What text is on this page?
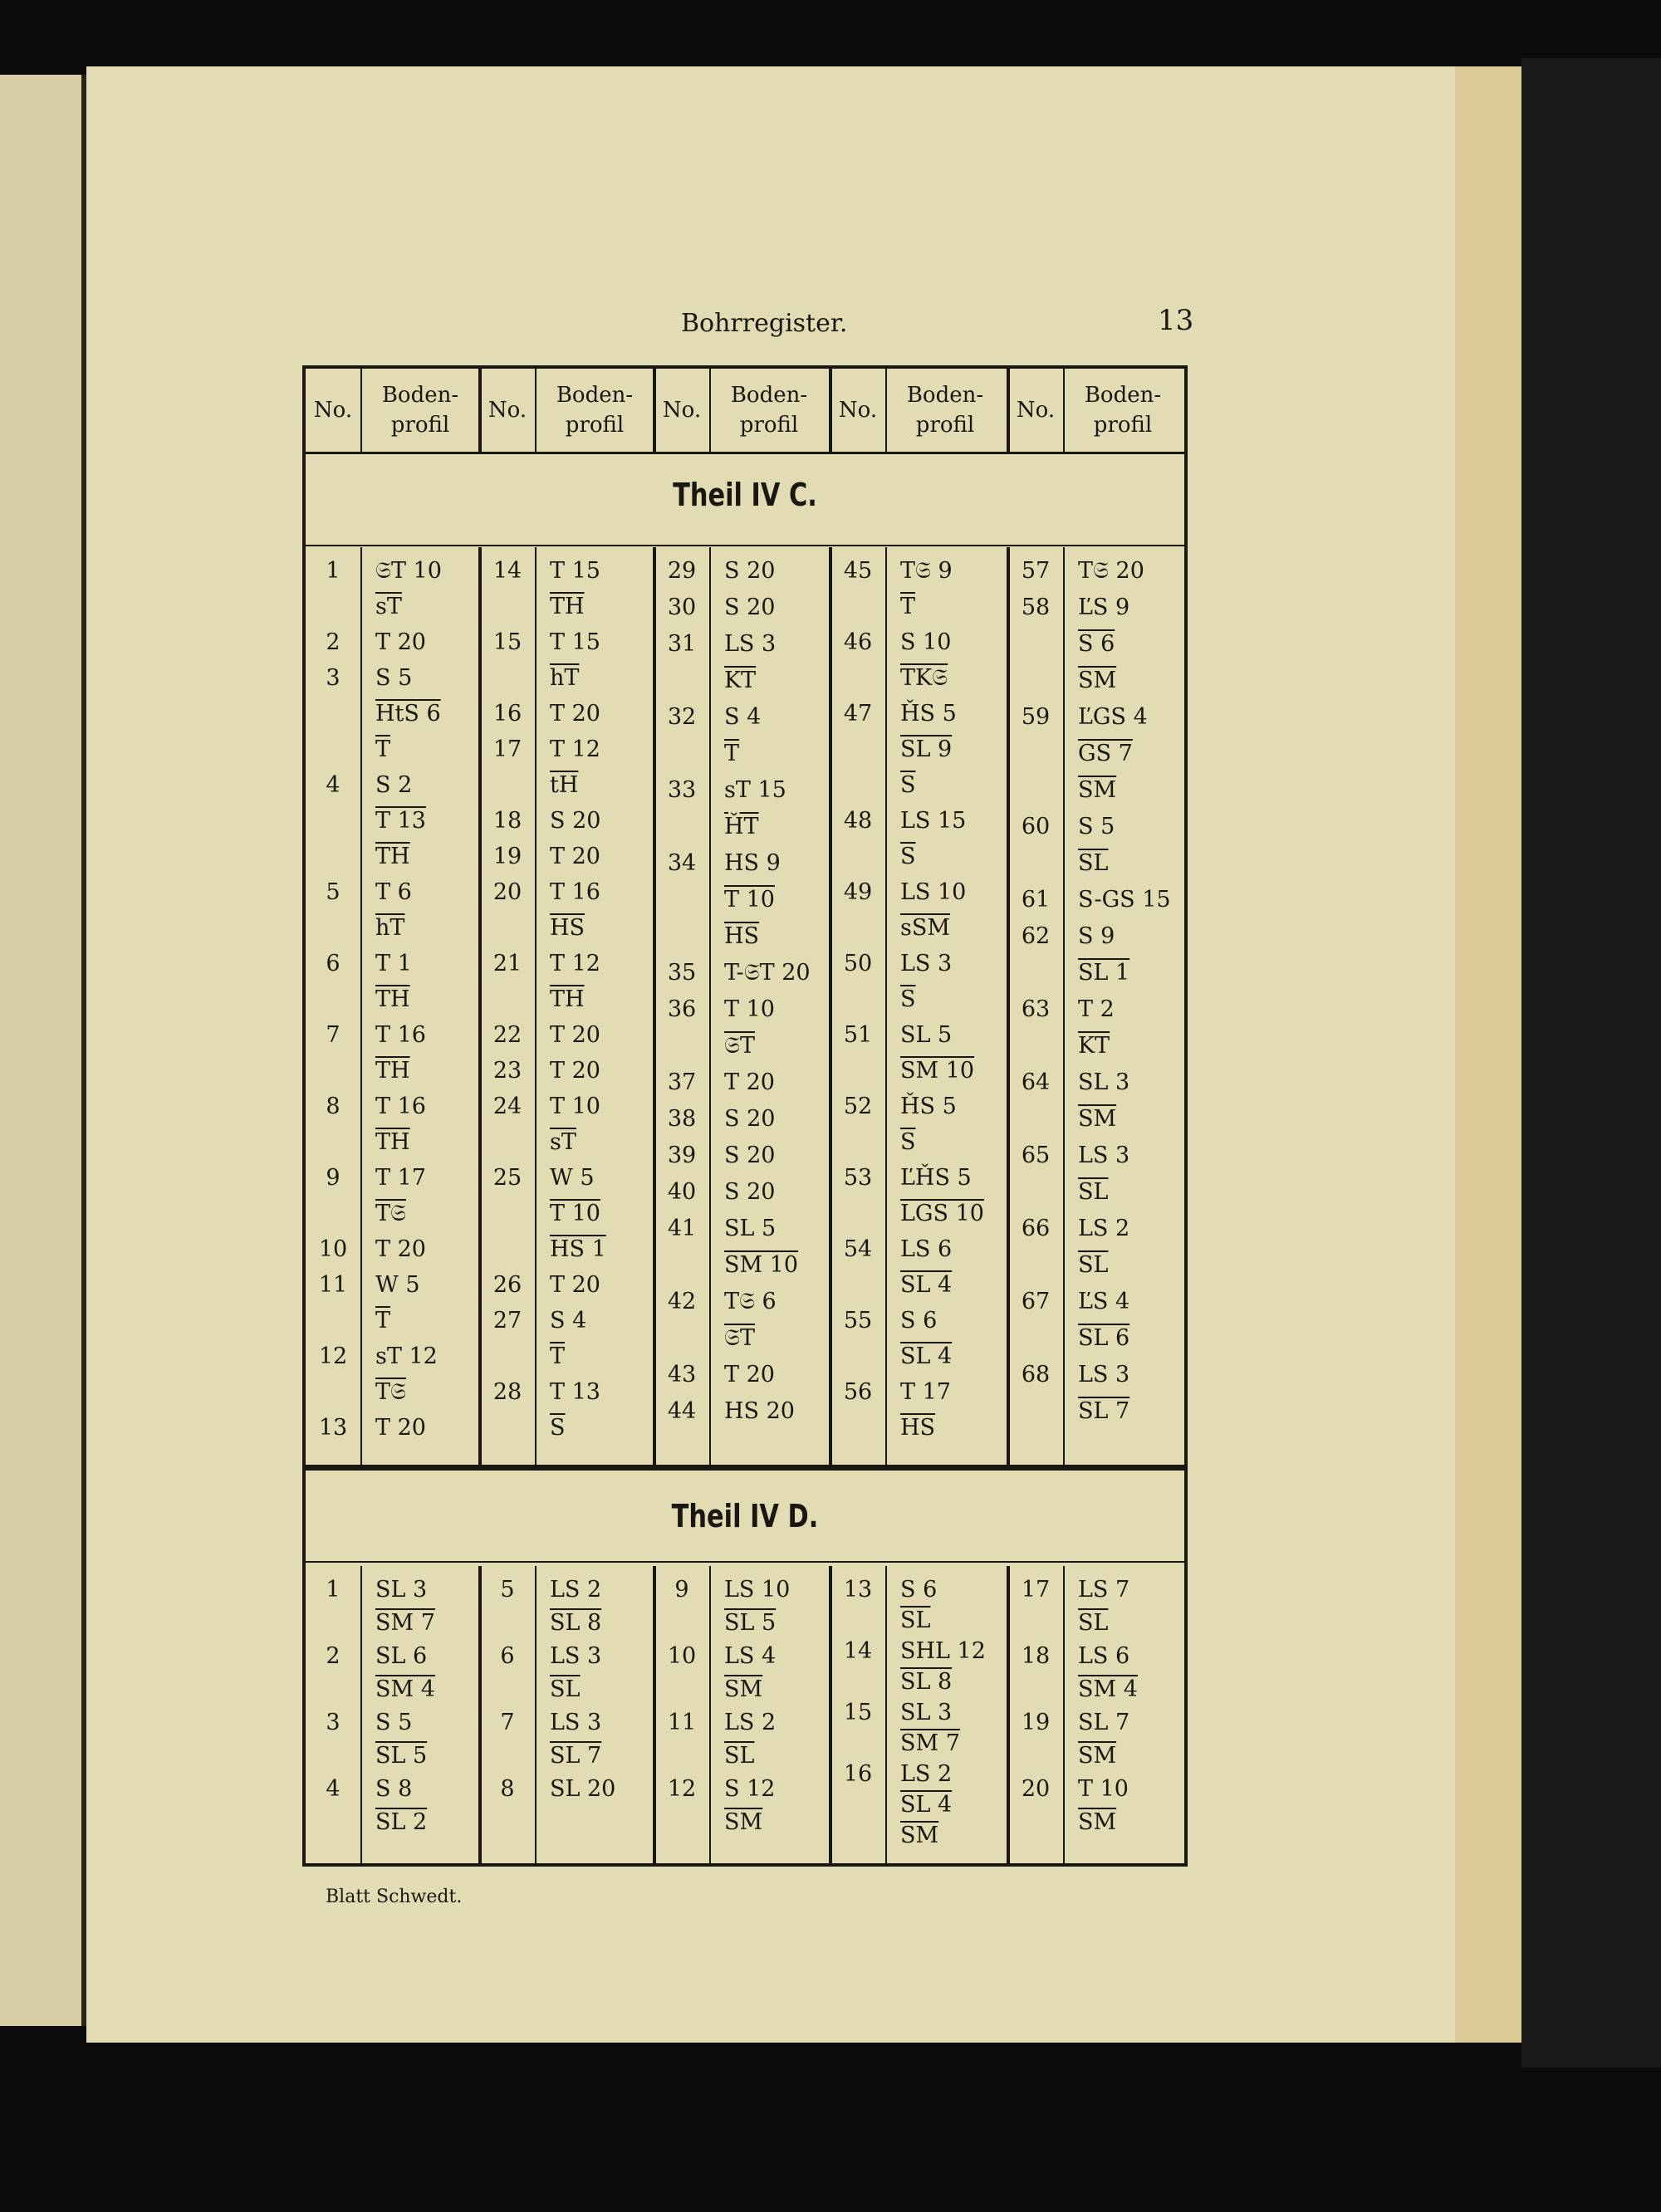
Bohrregister.	13
No.
Boden-
profil
No.
Boden-
profil
No.
Boden-
profil
No.
Boden-
profil
No.
Boden-
profil
Theil IV C.
1	𝔖T 10
$\overline{sT}$
2	T 20
3	S 5
HtS 6
$\overline{T}$
4	S 2
T 13
$\overline{TH}$
5	T 6
$\overline{hT}$
6	T 1
$\overline{TH}$
7	T 16
$\overline{TH}$
8	T 16
$\overline{TH}$
9	T 17
T𝔖
10 T 20
11 W 5
$\overline{T}$
12 sT 12
T𝔖
13 T 20
14 T 15
$\overline{TH}$
15 T 15
$\overline{hT}$
16 T 20
17 T 12
$\overline{tH}$
18 S 20
19 T 20
20 T 16
$\overline{HS}$
21 T 12
$\overline{TH}$
22 T 20
23 T 20
24 T 10
$\overline{sT}$
25 W 5
T 10
HS 1
26 T 20
27 S 4
$\overline{T}$
28 T 13
$\overline{S}$
29 S 20
30 S 20
31 LS 3
$\overline{KT}$
32 S 4
$\overline{T}$
33 sT 15
$\overline{ȞT}$
34 HS 9
T 10
$\overline{HS}$
35 T-𝔖T 20
36 T 10
𝔖T
37 T 20
38 S 20
39 S 20
40 S 20
41 SL 5
SM 10
42 T𝔖 6
𝔖T
43 T 20
44 HS 20
45 T𝔖 9
$\overline{T}$
46 S 10
TK𝔖
47 ȞS 5
SL 9
$\overline{S}$
48 LS 15
$\overline{S}$
49 LS 10
$\overline{sSM}$
50 LS 3
$\overline{S}$
51 SL 5
SM 10
52 ȞS 5
$\overline{S}$
53 ĽȞS 5
LGS 10
54 LS 6
SL 4
55 S 6
SL 4
56 T 17
$\overline{HS}$
57 T𝔖 20
58 ĽS 9
S 6
$\overline{SM}$
59 ĽGS 4
GS 7
$\overline{SM}$
60 S 5
$\overline{SL}$
61 S-GS 15
62 S 9
SL 1
63 T 2
$\overline{KT}$
64 SL 3
$\overline{SM}$
65 LS 3
$\overline{SL}$
66 LS 2
$\overline{SL}$
67 ĽS 4
SL 6
68 LS 3
SL 7
Theil IV D.
1	SL 3
SM 7
2	SL 6
SM 4
3	S 5
SL 5
4	S 8
SL 2
5	LS 2
SL 8
6	LS 3
$\overline{SL}$
7	LS 3
SL 7
8	SL 20
9	LS 10
SL 5
10 LS 4
$\overline{SM}$
11 LS 2
$\overline{SL}$
12 S 12
$\overline{SM}$
13 S 6
$\overline{SL}$
14 SHL 12
SL 8
15 SL 3
SM 7
16 LS 2
SL 4
$\overline{SM}$
17 LS 7
$\overline{SL}$
18 LS 6
SM 4
19 SL 7
$\overline{SM}$
20 T 10
$\overline{SM}$
Blatt Schwedt.
